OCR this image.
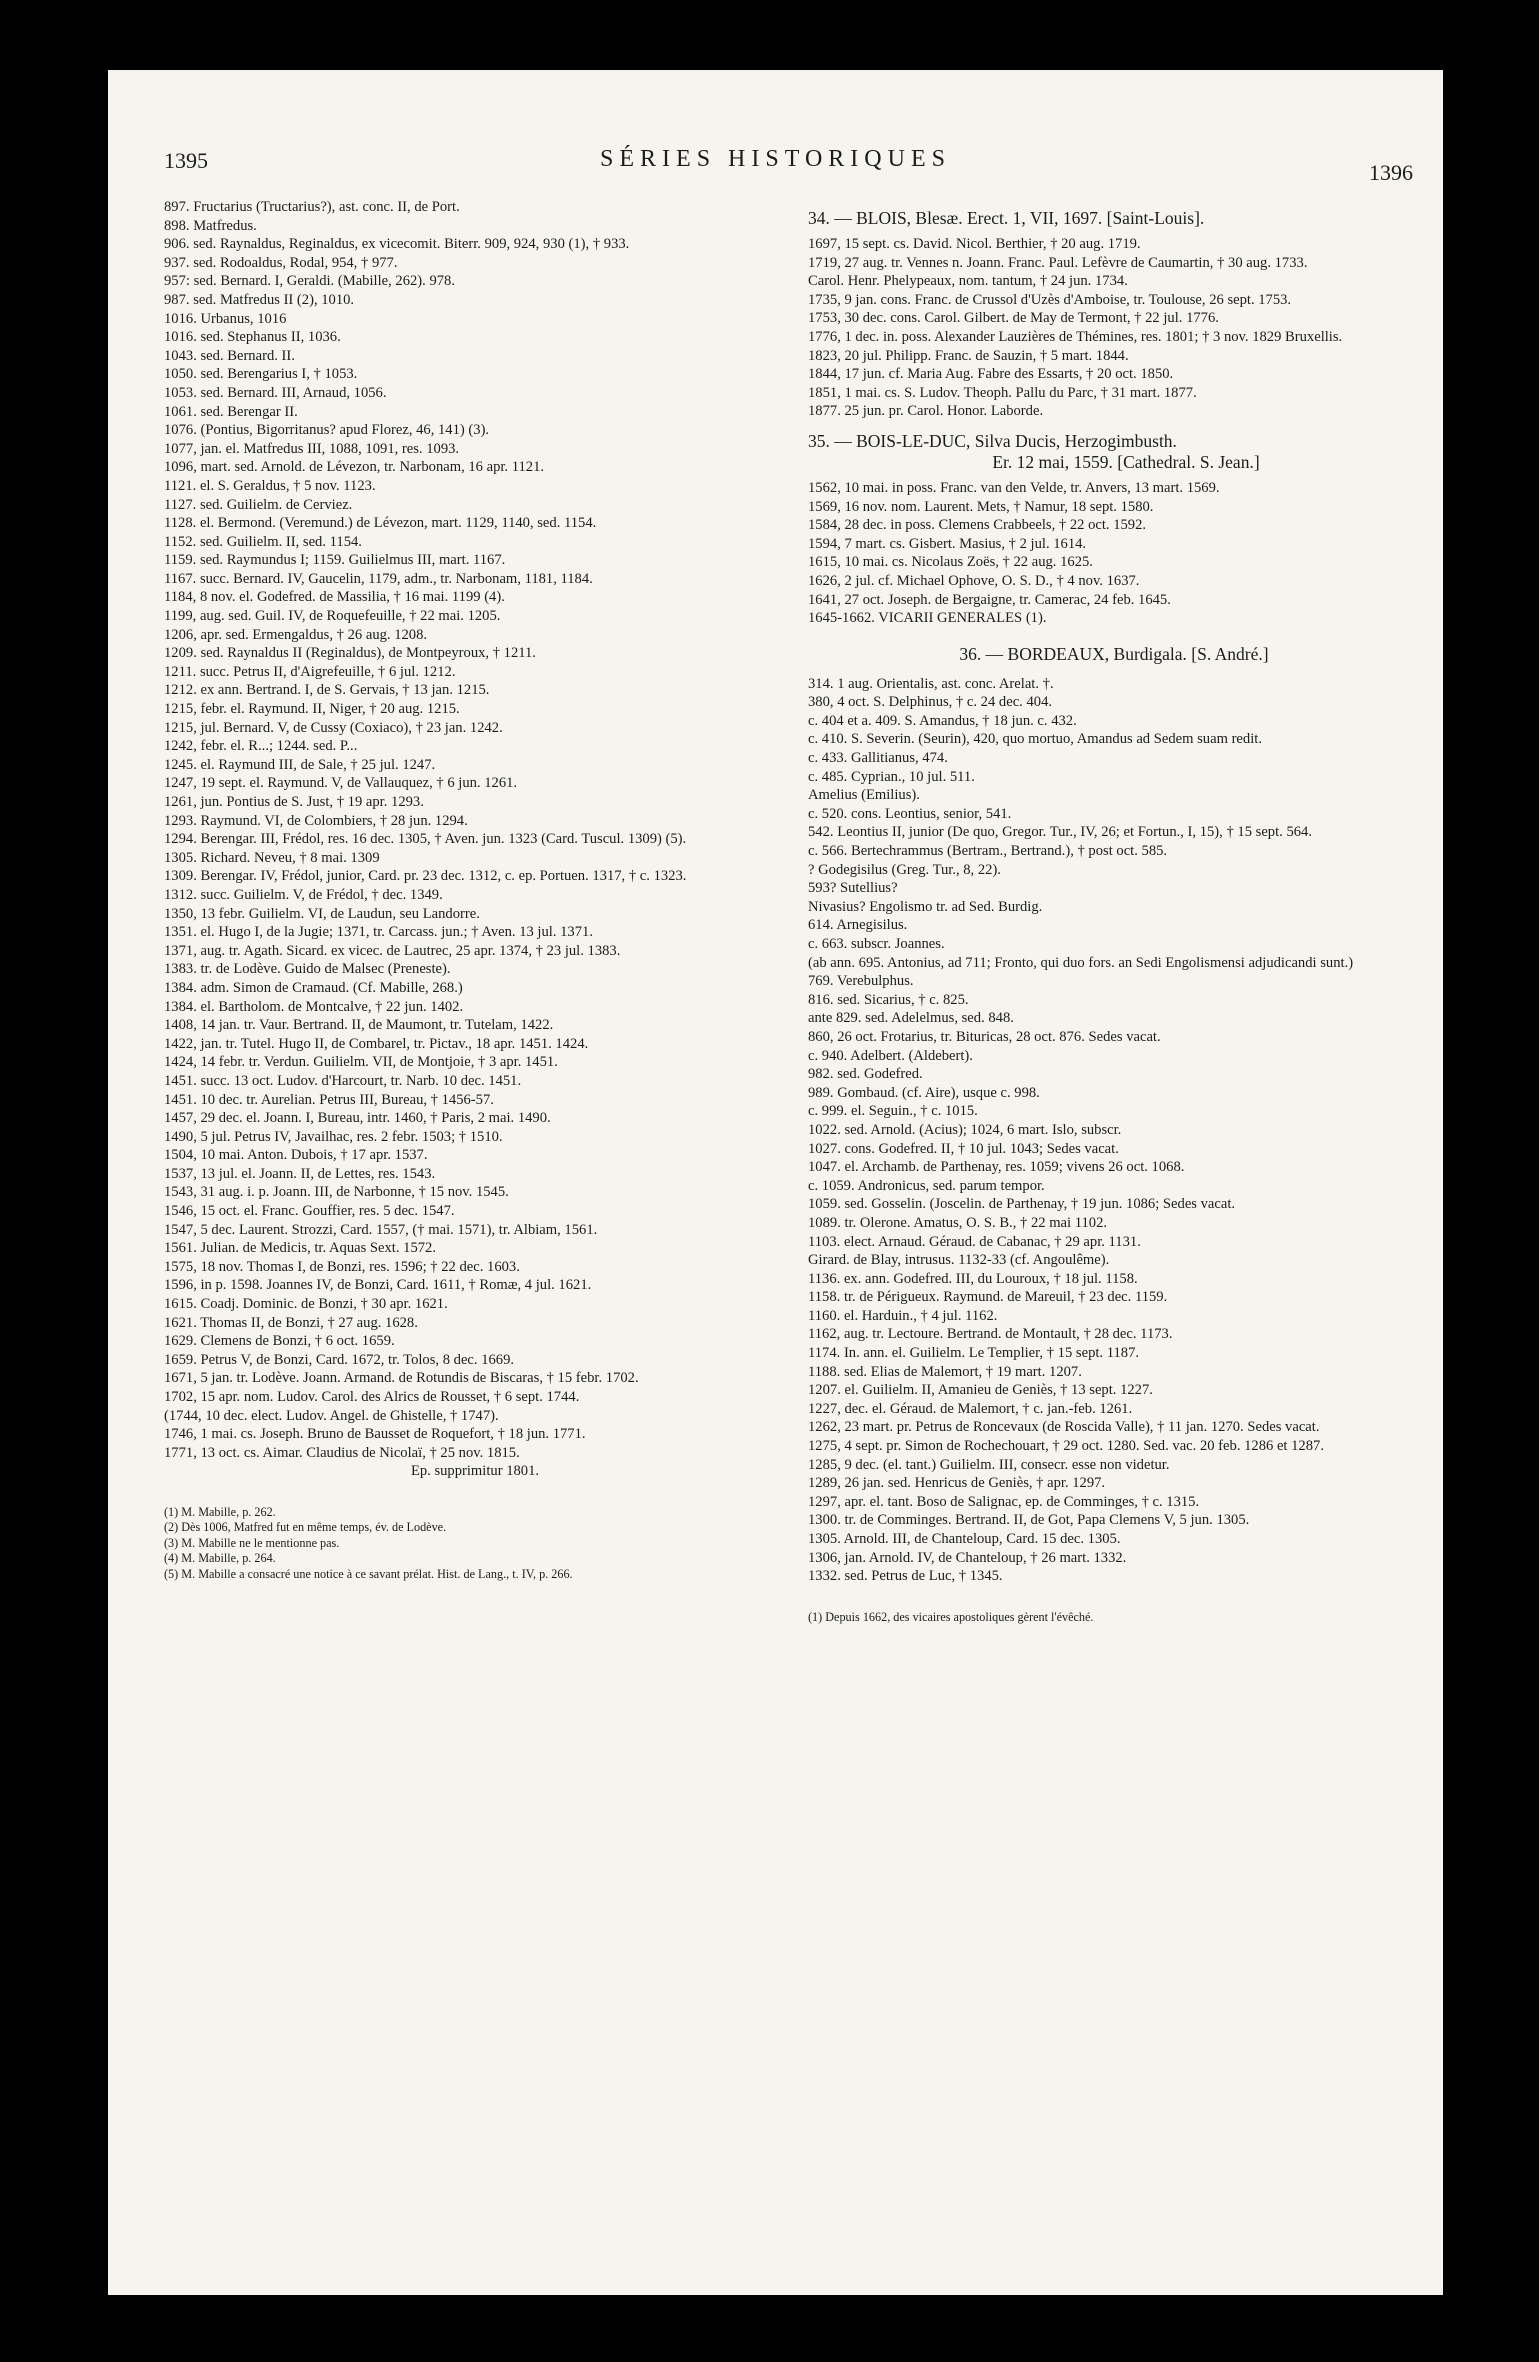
1395	SÉRIES HISTORIQUES
1396

897. Fructarius (Tructarius?), ast. conc. II, de Port.

898. Matfredus.

906. sed. Raynaldus, Reginaldus, ex vicecomit. Biterr. 909, 924, 930 (1), † 933.

937. sed. Rodoaldus, Rodal, 954, † 977.

957: sed. Bernard. I, Geraldi. (Mabille, 262). 978.

987. sed. Matfredus II (2), 1010.

1016. Urbanus, 1016

1016. sed. Stephanus II, 1036.

1043. sed. Bernard. II.

1050. sed. Berengarius I, † 1053.

1053. sed. Bernard. III, Arnaud, 1056.

1061. sed. Berengar II.

1076. (Pontius, Bigorritanus? apud Florez, 46, 141) (3).

1077, jan. el. Matfredus III, 1088, 1091, res. 1093.

1096, mart. sed. Arnold. de Lévezon, tr. Narbonam, 16 apr. 1121.

1121. el. S. Geraldus, † 5 nov. 1123.

1127. sed. Guilielm. de Cerviez.

1128. el. Bermond. (Veremund.) de Lévezon, mart. 1129, 1140, sed. 1154.

1152. sed. Guilielm. II, sed. 1154.

1159. sed. Raymundus I; 1159. Guilielmus III, mart. 1167.

1167. succ. Bernard. IV, Gaucelin, 1179, adm., tr. Narbonam, 1181, 1184.

1184, 8 nov. el. Godefred. de Massilia, † 16 mai. 1199 (4).

1199, aug. sed. Guil. IV, de Roquefeuille, † 22 mai. 1205.

1206, apr. sed. Ermengaldus, † 26 aug. 1208.

1209. sed. Raynaldus II (Reginaldus), de Montpeyroux, † 1211.

1211. succ. Petrus II, d'Aigrefeuille, † 6 jul. 1212.

1212. ex ann. Bertrand. I, de S. Gervais, † 13 jan. 1215.

1215, febr. el. Raymund. II, Niger, † 20 aug. 1215.

1215, jul. Bernard. V, de Cussy (Coxiaco), † 23 jan. 1242.

1242, febr. el. R...; 1244. sed. P...

1245. el. Raymund III, de Sale, † 25 jul. 1247.

1247, 19 sept. el. Raymund. V, de Vallauquez, † 6 jun. 1261.

1261, jun. Pontius de S. Just, † 19 apr. 1293.

1293. Raymund. VI, de Colombiers, † 28 jun. 1294.

1294. Berengar. III, Frédol, res. 16 dec. 1305, † Aven. jun. 1323 (Card. Tuscul. 1309) (5).

1305. Richard. Neveu, † 8 mai. 1309

1309. Berengar. IV, Frédol, junior, Card. pr. 23 dec. 1312, c. ep. Portuen. 1317, † c. 1323.

1312. succ. Guilielm. V, de Frédol, † dec. 1349.

1350, 13 febr. Guilielm. VI, de Laudun, seu Landorre.

1351. el. Hugo I, de la Jugie; 1371, tr. Carcass. jun.; † Aven. 13 jul. 1371.

1371, aug. tr. Agath. Sicard. ex vicec. de Lautrec, 25 apr. 1374, † 23 jul. 1383.

1383. tr. de Lodève. Guido de Malsec (Preneste).

1384. adm. Simon de Cramaud. (Cf. Mabille, 268.)

1384. el. Bartholom. de Montcalve, † 22 jun. 1402.

1408, 14 jan. tr. Vaur. Bertrand. II, de Maumont, tr. Tutelam, 1422.

1422, jan. tr. Tutel. Hugo II, de Combarel, tr. Pictav., 18 apr. 1451. 1424.

1424, 14 febr. tr. Verdun. Guilielm. VII, de Montjoie, † 3 apr. 1451.

1451. succ. 13 oct. Ludov. d'Harcourt, tr. Narb. 10 dec. 1451.

1451. 10 dec. tr. Aurelian. Petrus III, Bureau, † 1456-57.

1457, 29 dec. el. Joann. I, Bureau, intr. 1460, † Paris, 2 mai. 1490.

1490, 5 jul. Petrus IV, Javailhac, res. 2 febr. 1503; † 1510.

1504, 10 mai. Anton. Dubois, † 17 apr. 1537.

1537, 13 jul. el. Joann. II, de Lettes, res. 1543.

1543, 31 aug. i. p. Joann. III, de Narbonne, † 15 nov. 1545.

1546, 15 oct. el. Franc. Gouffier, res. 5 dec. 1547.

1547, 5 dec. Laurent. Strozzi, Card. 1557, († mai. 1571), tr. Albiam, 1561.

1561. Julian. de Medicis, tr. Aquas Sext. 1572.

1575, 18 nov. Thomas I, de Bonzi, res. 1596; † 22 dec. 1603.

1596, in p. 1598. Joannes IV, de Bonzi, Card. 1611, † Romæ, 4 jul. 1621.

1615. Coadj. Dominic. de Bonzi, † 30 apr. 1621.

1621. Thomas II, de Bonzi, † 27 aug. 1628.

1629. Clemens de Bonzi, † 6 oct. 1659.

1659. Petrus V, de Bonzi, Card. 1672, tr. Tolos, 8 dec. 1669.

1671, 5 jan. tr. Lodève. Joann. Armand. de Rotundis de Biscaras, † 15 febr. 1702.

1702, 15 apr. nom. Ludov. Carol. des Alrics de Rousset, † 6 sept. 1744.

(1744, 10 dec. elect. Ludov. Angel. de Ghistelle, † 1747).

1746, 1 mai. cs. Joseph. Bruno de Bausset de Roquefort, † 18 jun. 1771.

1771, 13 oct. cs. Aimar. Claudius de Nicolaï, † 25 nov. 1815.

Ep. supprimitur 1801.

(1) M. Mabille, p. 262.

(2) Dès 1006, Matfred fut en même temps, év. de Lodève.

(3) M. Mabille ne le mentionne pas.

(4) M. Mabille, p. 264.

(5) M. Mabille a consacré une notice à ce savant prélat. Hist. de Lang., t. IV, p. 266.

34. — BLOIS, Blesæ. Erect. 1, VII, 1697. [Saint-Louis].

1697, 15 sept. cs. David. Nicol. Berthier, † 20 aug. 1719.

1719, 27 aug. tr. Vennes n. Joann. Franc. Paul. Lefèvre de Caumartin, † 30 aug. 1733.

Carol. Henr. Phelypeaux, nom. tantum, † 24 jun. 1734.

1735, 9 jan. cons. Franc. de Crussol d'Uzès d'Amboise, tr. Toulouse, 26 sept. 1753.

1753, 30 dec. cons. Carol. Gilbert. de May de Termont, † 22 jul. 1776.

1776, 1 dec. in. poss. Alexander Lauzières de Thémines, res. 1801; † 3 nov. 1829 Bruxellis.

1823, 20 jul. Philipp. Franc. de Sauzin, † 5 mart. 1844.

1844, 17 jun. cf. Maria Aug. Fabre des Essarts, † 20 oct. 1850.

1851, 1 mai. cs. S. Ludov. Theoph. Pallu du Parc, † 31 mart. 1877.

1877. 25 jun. pr. Carol. Honor. Laborde.

35. — BOIS-LE-DUC, Silva Ducis, Herzogimbusth.
Er. 12 mai, 1559. [Cathedral. S. Jean.]

1562, 10 mai. in poss. Franc. van den Velde, tr. Anvers, 13 mart. 1569.

1569, 16 nov. nom. Laurent. Mets, † Namur, 18 sept. 1580.

1584, 28 dec. in poss. Clemens Crabbeels, † 22 oct. 1592.

1594, 7 mart. cs. Gisbert. Masius, † 2 jul. 1614.

1615, 10 mai. cs. Nicolaus Zoës, † 22 aug. 1625.

1626, 2 jul. cf. Michael Ophove, O. S. D., † 4 nov. 1637.

1641, 27 oct. Joseph. de Bergaigne, tr. Camerac, 24 feb. 1645.

1645-1662. VICARII GENERALES (1).

36. — BORDEAUX, Burdigala. [S. André.]

314. 1 aug. Orientalis, ast. conc. Arelat. †.

380, 4 oct. S. Delphinus, † c. 24 dec. 404.

c. 404 et a. 409. S. Amandus, † 18 jun. c. 432.

c. 410. S. Severin. (Seurin), 420, quo mortuo, Amandus ad Sedem suam redit.

c. 433. Gallitianus, 474.

c. 485. Cyprian., 10 jul. 511.

Amelius (Emilius).

c. 520. cons. Leontius, senior, 541.

542. Leontius II, junior (De quo, Gregor. Tur., IV, 26; et Fortun., I, 15), † 15 sept. 564.

c. 566. Bertechrammus (Bertram., Bertrand.), † post oct. 585.

? Godegisilus (Greg. Tur., 8, 22).

593? Sutellius?

Nivasius? Engolismo tr. ad Sed. Burdig.

614. Arnegisilus.

c. 663. subscr. Joannes.

(ab ann. 695. Antonius, ad 711; Fronto, qui duo fors. an Sedi Engolismensi adjudicandi sunt.)

769. Verebulphus.

816. sed. Sicarius, † c. 825.

ante 829. sed. Adelelmus, sed. 848.

860, 26 oct. Frotarius, tr. Bituricas, 28 oct. 876. Sedes vacat.

c. 940. Adelbert. (Aldebert).

982. sed. Godefred.

989. Gombaud. (cf. Aire), usque c. 998.

c. 999. el. Seguin., † c. 1015.

1022. sed. Arnold. (Acius); 1024, 6 mart. Islo, subscr.

1027. cons. Godefred. II, † 10 jul. 1043; Sedes vacat.

1047. el. Archamb. de Parthenay, res. 1059; vivens 26 oct. 1068.

c. 1059. Andronicus, sed. parum tempor.

1059. sed. Gosselin. (Joscelin. de Parthenay, † 19 jun. 1086; Sedes vacat.

1089. tr. Olerone. Amatus, O. S. B., † 22 mai 1102.

1103. elect. Arnaud. Géraud. de Cabanac, † 29 apr. 1131.

Girard. de Blay, intrusus. 1132-33 (cf. Angoulême).

1136. ex. ann. Godefred. III, du Louroux, † 18 jul. 1158.

1158. tr. de Périgueux. Raymund. de Mareuil, † 23 dec. 1159.

1160. el. Harduin., † 4 jul. 1162.

1162, aug. tr. Lectoure. Bertrand. de Montault, † 28 dec. 1173.

1174. In. ann. el. Guilielm. Le Templier, † 15 sept. 1187.

1188. sed. Elias de Malemort, † 19 mart. 1207.

1207. el. Guilielm. II, Amanieu de Geniès, † 13 sept. 1227.

1227, dec. el. Géraud. de Malemort, † c. jan.-feb. 1261.

1262, 23 mart. pr. Petrus de Roncevaux (de Roscida Valle), † 11 jan. 1270. Sedes vacat.

1275, 4 sept. pr. Simon de Rochechouart, † 29 oct. 1280. Sed. vac. 20 feb. 1286 et 1287.

1285, 9 dec. (el. tant.) Guilielm. III, consecr. esse non videtur.

1289, 26 jan. sed. Henricus de Geniès, † apr. 1297.

1297, apr. el. tant. Boso de Salignac, ep. de Comminges, † c. 1315.

1300. tr. de Comminges. Bertrand. II, de Got, Papa Clemens V, 5 jun. 1305.

1305. Arnold. III, de Chanteloup, Card. 15 dec. 1305.

1306, jan. Arnold. IV, de Chanteloup, † 26 mart. 1332.

1332. sed. Petrus de Luc, † 1345.

(1) Depuis 1662, des vicaires apostoliques gèrent l'évêché.
